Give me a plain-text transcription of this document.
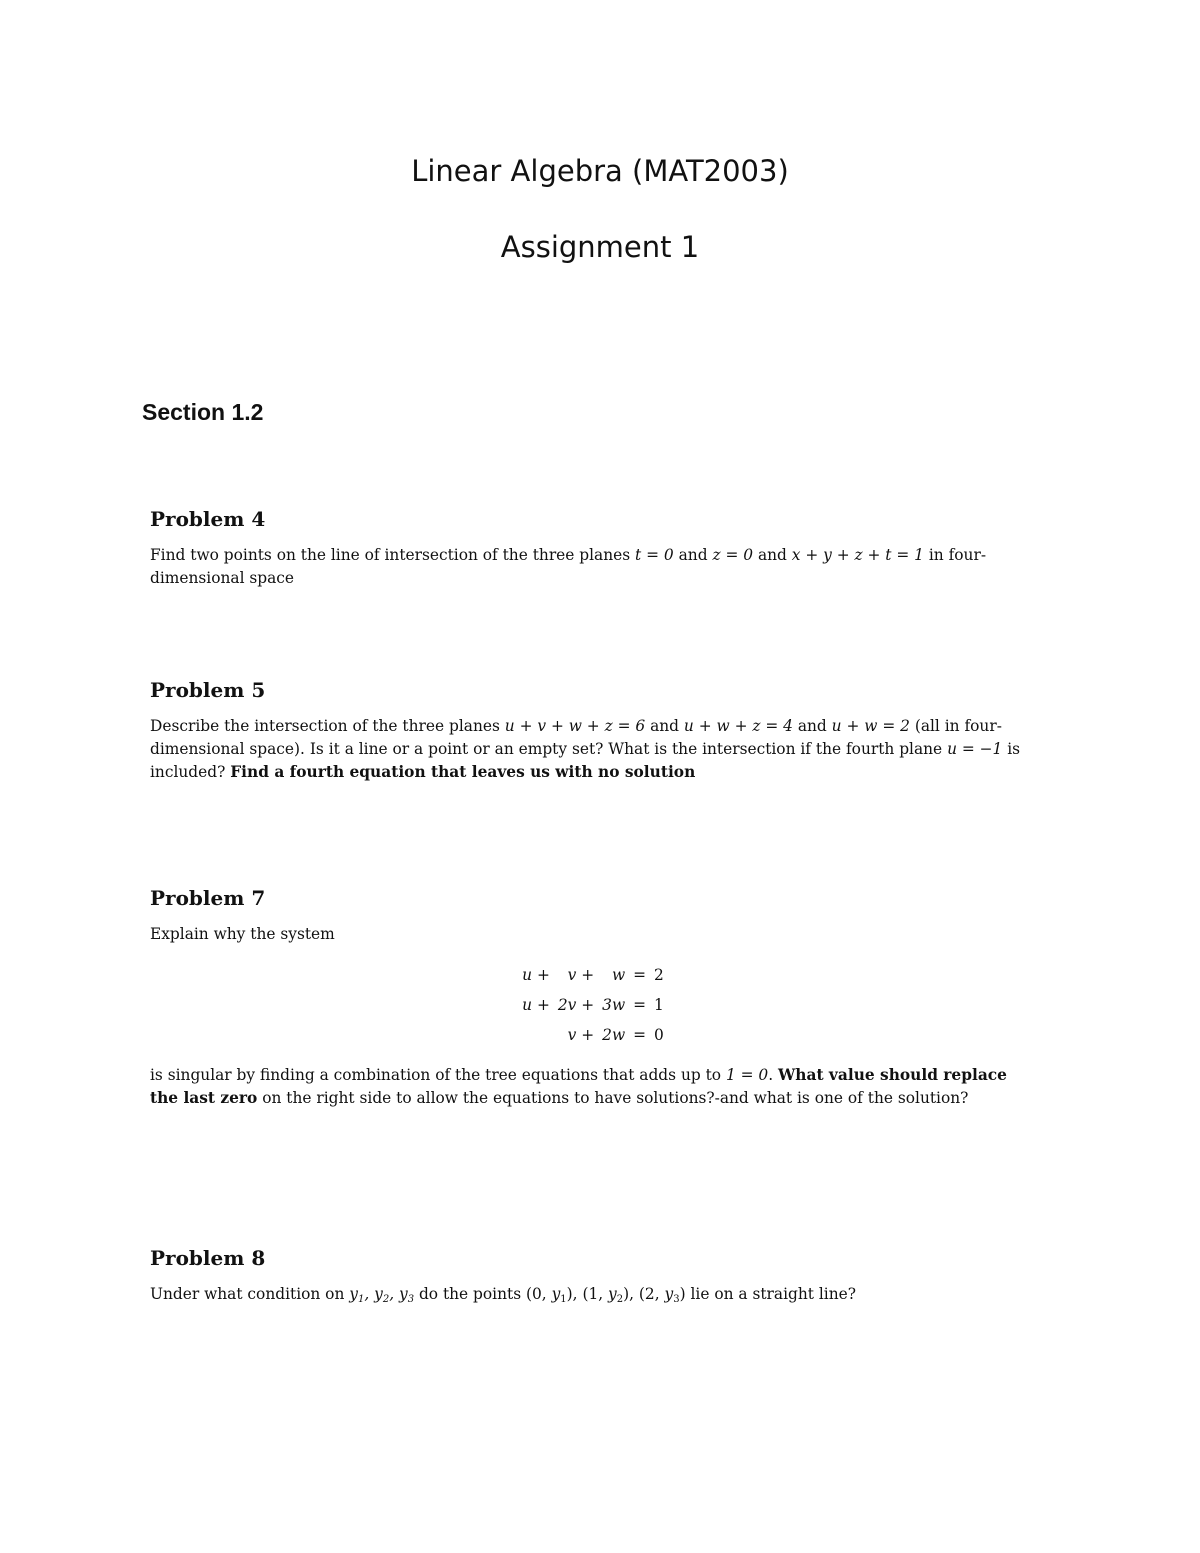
Linear Algebra (MAT2003)
Assignment 1
Section 1.2
Problem 4

Find two points on the line of intersection of the three planes t = 0 and z = 0 and x + y + z + t = 1 in four-dimensional space

Problem 5

Describe the intersection of the three planes u + v + w + z = 6 and u + w + z = 4 and u + w = 2 (all in four-dimensional space). Is it a line or a point or an empty set? What is the intersection if the fourth plane u = −1 is included? Find a fourth equation that leaves us with no solution

Problem 7

Explain why the system

u +	v +	w	=	2
u +	2v +	3w	=	1
	v +	2w	=	0

is singular by finding a combination of the tree equations that adds up to 1 = 0. What value should replace the last zero on the right side to allow the equations to have solutions?-and what is one of the solution?

Problem 8

Under what condition on $y_1$, $y_2$, $y_3$ do the points (0, $y_1$), (1, $y_2$), (2, $y_3$) lie on a straight line?
